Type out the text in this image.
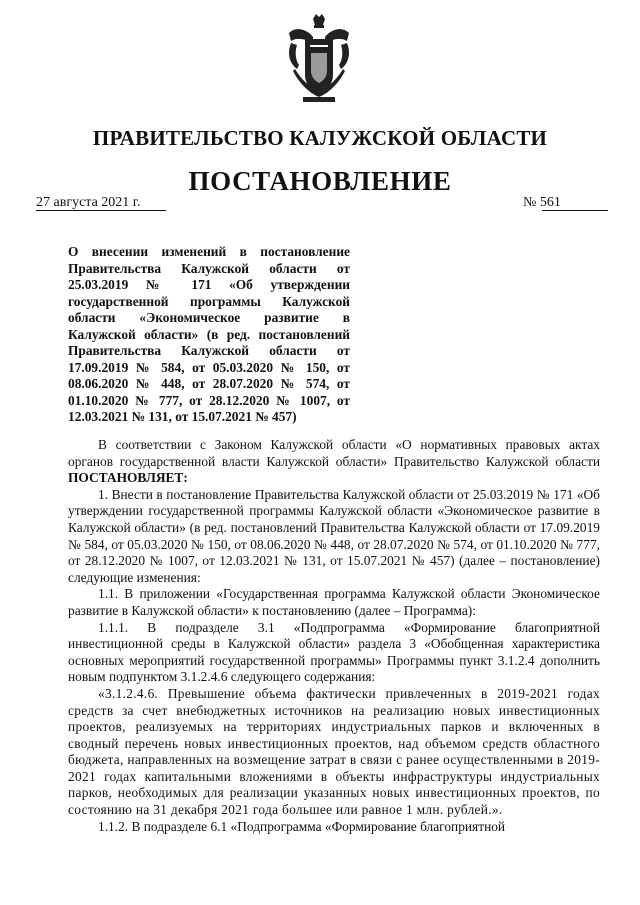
ПРАВИТЕЛЬСТВО КАЛУЖСКОЙ ОБЛАСТИ
ПОСТАНОВЛЕНИЕ
27 августа 2021 г.	№ 561
О внесении изменений в постановление Правительства Калужской области от 25.03.2019 № 171 «Об утверждении государственной программы Калужской области «Экономическое развитие в Калужской области» (в ред. постановлений Правительства Калужской области от 17.09.2019 № 584, от 05.03.2020 № 150, от 08.06.2020 № 448, от 28.07.2020 № 574, от 01.10.2020 № 777, от 28.12.2020 № 1007, от 12.03.2021 № 131, от 15.07.2021 № 457)

В соответствии с Законом Калужской области «О нормативных правовых актах органов государственной власти Калужской области» Правительство Калужской области ПОСТАНОВЛЯЕТ:

1. Внести в постановление Правительства Калужской области от 25.03.2019 № 171 «Об утверждении государственной программы Калужской области «Экономическое развитие в Калужской области» (в ред. постановлений Правительства Калужской области от 17.09.2019 № 584, от 05.03.2020 № 150, от 08.06.2020 № 448, от 28.07.2020 № 574, от 01.10.2020 № 777, от 28.12.2020 № 1007, от 12.03.2021 № 131, от 15.07.2021 № 457) (далее – постановление) следующие изменения:

1.1. В приложении «Государственная программа Калужской области Экономическое развитие в Калужской области» к постановлению (далее – Программа):

1.1.1. В подразделе 3.1 «Подпрограмма «Формирование благоприятной инвестиционной среды в Калужской области» раздела 3 «Обобщенная характеристика основных мероприятий государственной программы» Программы пункт 3.1.2.4 дополнить новым подпунктом 3.1.2.4.6 следующего содержания:

«3.1.2.4.6. Превышение объема фактически привлеченных в 2019-2021 годах средств за счет внебюджетных источников на реализацию новых инвестиционных проектов, реализуемых на территориях индустриальных парков и включенных в сводный перечень новых инвестиционных проектов, над объемом средств областного бюджета, направленных на возмещение затрат в связи с ранее осуществленными в 2019-2021 годах капитальными вложениями в объекты инфраструктуры индустриальных парков, необходимых для реализации указанных новых инвестиционных проектов, по состоянию на 31 декабря 2021 года большее или равное 1 млн. рублей.».

1.1.2. В подразделе 6.1 «Подпрограмма «Формирование благоприятной
